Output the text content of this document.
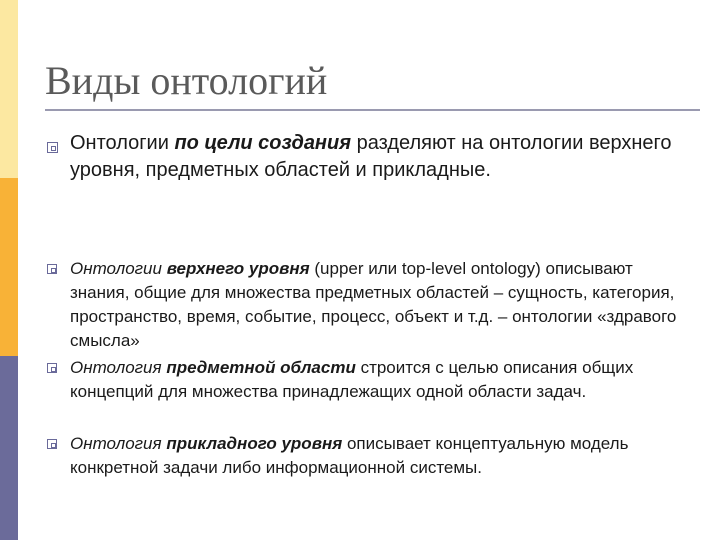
Виды онтологий
Онтологии по цели создания разделяют на онтологии верхнего уровня, предметных областей и прикладные.
Онтологии верхнего уровня (upper или top-level ontology) описывают знания, общие для множества предметных областей – сущность, категория, пространство, время, событие, процесс, объект и т.д. – онтологии «здравого смысла»
Онтология предметной области строится с целью описания общих концепций для множества принадлежащих одной области задач.
Онтология прикладного уровня описывает концептуальную модель конкретной задачи либо информационной системы.
